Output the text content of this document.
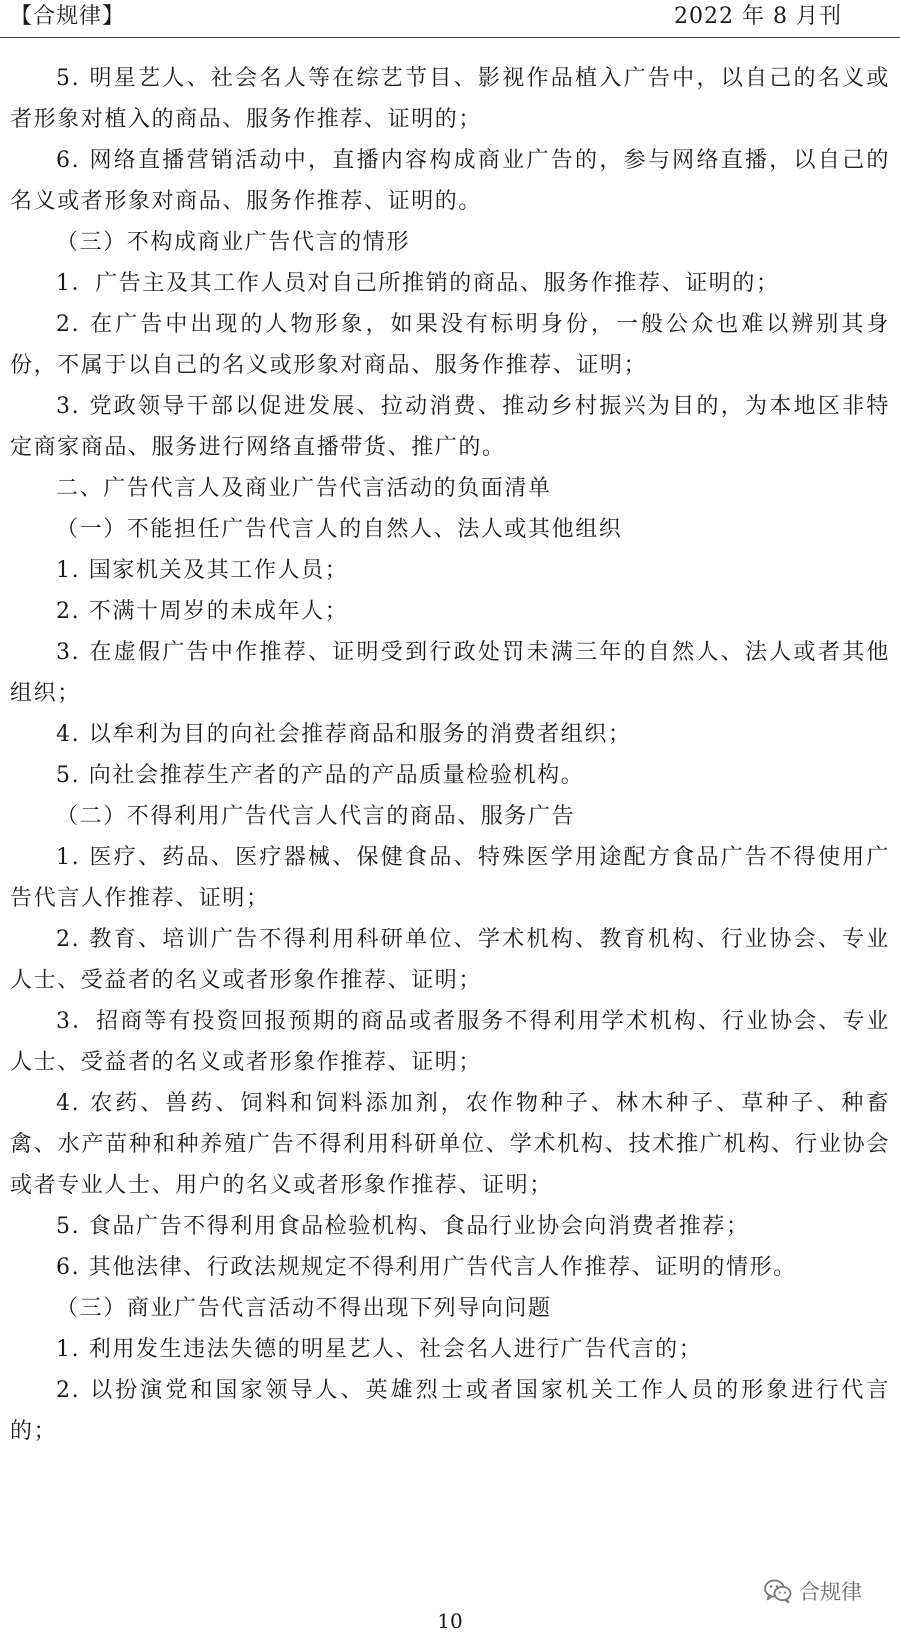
【合规律】	2022 年 8 月刊

5. 明星艺人、社会名人等在综艺节目、影视作品植入广告中，以自己的名义或者形象对植入的商品、服务作推荐、证明的；

6. 网络直播营销活动中，直播内容构成商业广告的，参与网络直播，以自己的名义或者形象对商品、服务作推荐、证明的。

（三）不构成商业广告代言的情形

1．广告主及其工作人员对自己所推销的商品、服务作推荐、证明的；

2. 在广告中出现的人物形象，如果没有标明身份，一般公众也难以辨别其身份，不属于以自己的名义或形象对商品、服务作推荐、证明；

3. 党政领导干部以促进发展、拉动消费、推动乡村振兴为目的，为本地区非特定商家商品、服务进行网络直播带货、推广的。

二、广告代言人及商业广告代言活动的负面清单

（一）不能担任广告代言人的自然人、法人或其他组织

1. 国家机关及其工作人员；

2. 不满十周岁的未成年人；

3. 在虚假广告中作推荐、证明受到行政处罚未满三年的自然人、法人或者其他组织；

4. 以牟利为目的向社会推荐商品和服务的消费者组织；

5. 向社会推荐生产者的产品的产品质量检验机构。

（二）不得利用广告代言人代言的商品、服务广告

1. 医疗、药品、医疗器械、保健食品、特殊医学用途配方食品广告不得使用广告代言人作推荐、证明；

2. 教育、培训广告不得利用科研单位、学术机构、教育机构、行业协会、专业人士、受益者的名义或者形象作推荐、证明；

3．招商等有投资回报预期的商品或者服务不得利用学术机构、行业协会、专业人士、受益者的名义或者形象作推荐、证明；

4. 农药、兽药、饲料和饲料添加剂，农作物种子、林木种子、草种子、种畜禽、水产苗种和种养殖广告不得利用科研单位、学术机构、技术推广机构、行业协会或者专业人士、用户的名义或者形象作推荐、证明；

5. 食品广告不得利用食品检验机构、食品行业协会向消费者推荐；

6. 其他法律、行政法规规定不得利用广告代言人作推荐、证明的情形。

（三）商业广告代言活动不得出现下列导向问题

1. 利用发生违法失德的明星艺人、社会名人进行广告代言的；

2. 以扮演党和国家领导人、英雄烈士或者国家机关工作人员的形象进行代言的；

合规律
10
